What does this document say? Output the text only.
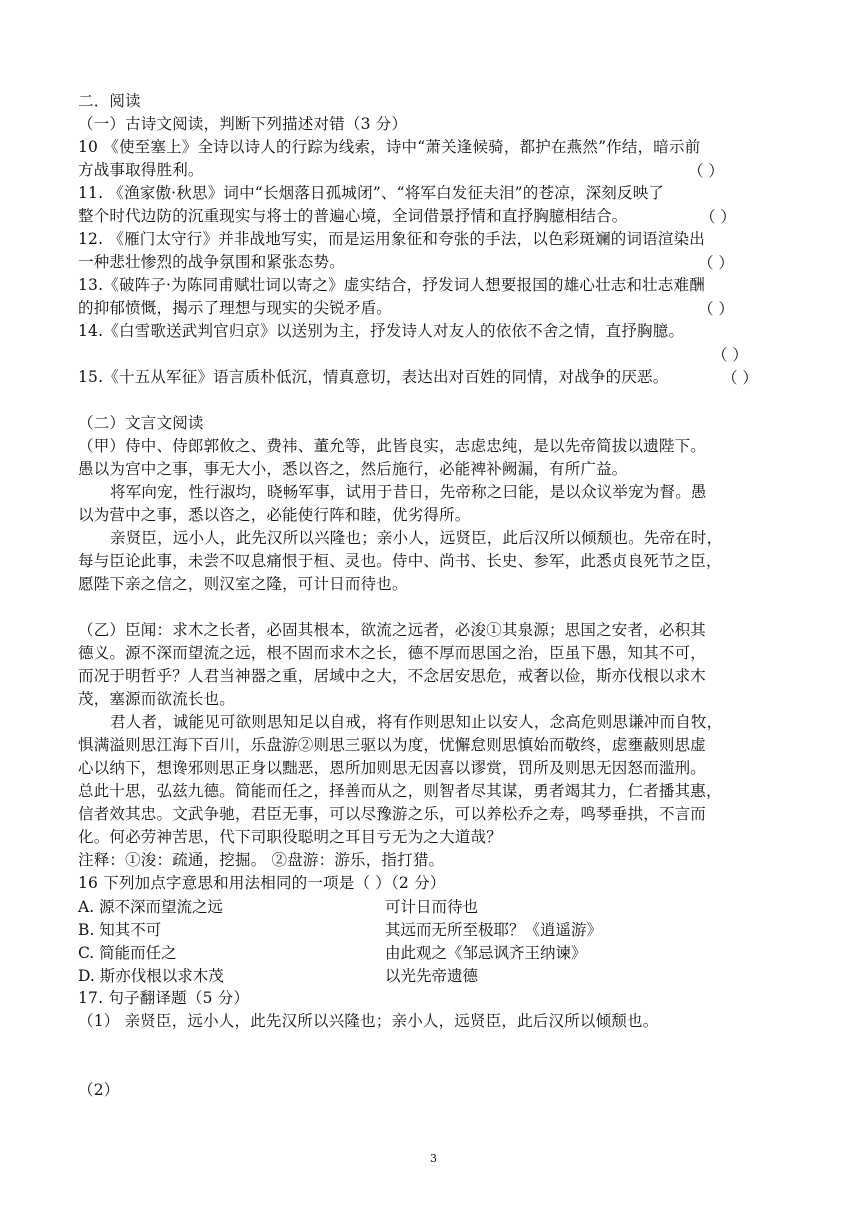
二．阅读
（一）古诗文阅读，判断下列描述对错（3 分）
10 《使至塞上》全诗以诗人的行踪为线索，诗中“萧关逢候骑，都护在燕然”作结，暗示前
方战事取得胜利。	（ ）
11. 《渔家傲·秋思》词中“长烟落日孤城闭”、“将军白发征夫泪”的苍凉，深刻反映了
整个时代边防的沉重现实与将士的普遍心境，全词借景抒情和直抒胸臆相结合。	（ ）
12. 《雁门太守行》并非战地写实，而是运用象征和夸张的手法，以色彩斑斓的词语渲染出
一种悲壮惨烈的战争氛围和紧张态势。	（ ）
13.《破阵子·为陈同甫赋壮词以寄之》虚实结合，抒发词人想要报国的雄心壮志和壮志难酬
的抑郁愤慨，揭示了理想与现实的尖锐矛盾。	（ ）
14.《白雪歌送武判官归京》以送别为主，抒发诗人对友人的依依不舍之情，直抒胸臆。
（ ）
15.《十五从军征》语言质朴低沉，情真意切，表达出对百姓的同情，对战争的厌恶。	（ ）
（二）文言文阅读
（甲）侍中、侍郎郭攸之、费祎、董允等，此皆良实，志虑忠纯，是以先帝简拔以遗陛下。
愚以为宫中之事，事无大小，悉以咨之，然后施行，必能裨补阙漏，有所广益。
将军向宠，性行淑均，晓畅军事，试用于昔日，先帝称之曰能，是以众议举宠为督。愚
以为营中之事，悉以咨之，必能使行阵和睦，优劣得所。
亲贤臣，远小人，此先汉所以兴隆也；亲小人，远贤臣，此后汉所以倾颓也。先帝在时，
每与臣论此事，未尝不叹息痛恨于桓、灵也。侍中、尚书、长史、参军，此悉贞良死节之臣，
愿陛下亲之信之，则汉室之隆，可计日而待也。
（乙）臣闻：求木之长者，必固其根本，欲流之远者，必浚①其泉源；思国之安者，必积其
德义。源不深而望流之远，根不固而求木之长，德不厚而思国之治，臣虽下愚，知其不可，
而况于明哲乎？人君当神器之重，居域中之大，不念居安思危，戒奢以俭，斯亦伐根以求木
茂，塞源而欲流长也。
君人者，诚能见可欲则思知足以自戒，将有作则思知止以安人，念高危则思谦冲而自牧，
惧满溢则思江海下百川，乐盘游②则思三驱以为度，忧懈怠则思慎始而敬终，虑壅蔽则思虚
心以纳下，想谗邪则思正身以黜恶，恩所加则思无因喜以谬赏，罚所及则思无因怒而滥刑。
总此十思，弘兹九德。简能而任之，择善而从之，则智者尽其谋，勇者竭其力，仁者播其惠，
信者效其忠。文武争驰，君臣无事，可以尽豫游之乐，可以养松乔之寿，鸣琴垂拱，不言而
化。何必劳神苦思，代下司职役聪明之耳目亏无为之大道哉？
注释：①浚：疏通，挖掘。 ②盘游：游乐，指打猎。
16 下列加点字意思和用法相同的一项是（ ）（2 分）
A. 源不深而望流之远	可计日而待也
B. 知其不可	其远而无所至极耶？《逍遥游》
C. 简能而任之	由此观之《邹忌讽齐王纳谏》
D. 斯亦伐根以求木茂	以光先帝遗德
17. 句子翻译题（5 分）
（1） 亲贤臣，远小人，此先汉所以兴隆也；亲小人，远贤臣，此后汉所以倾颓也。
（2）
3
